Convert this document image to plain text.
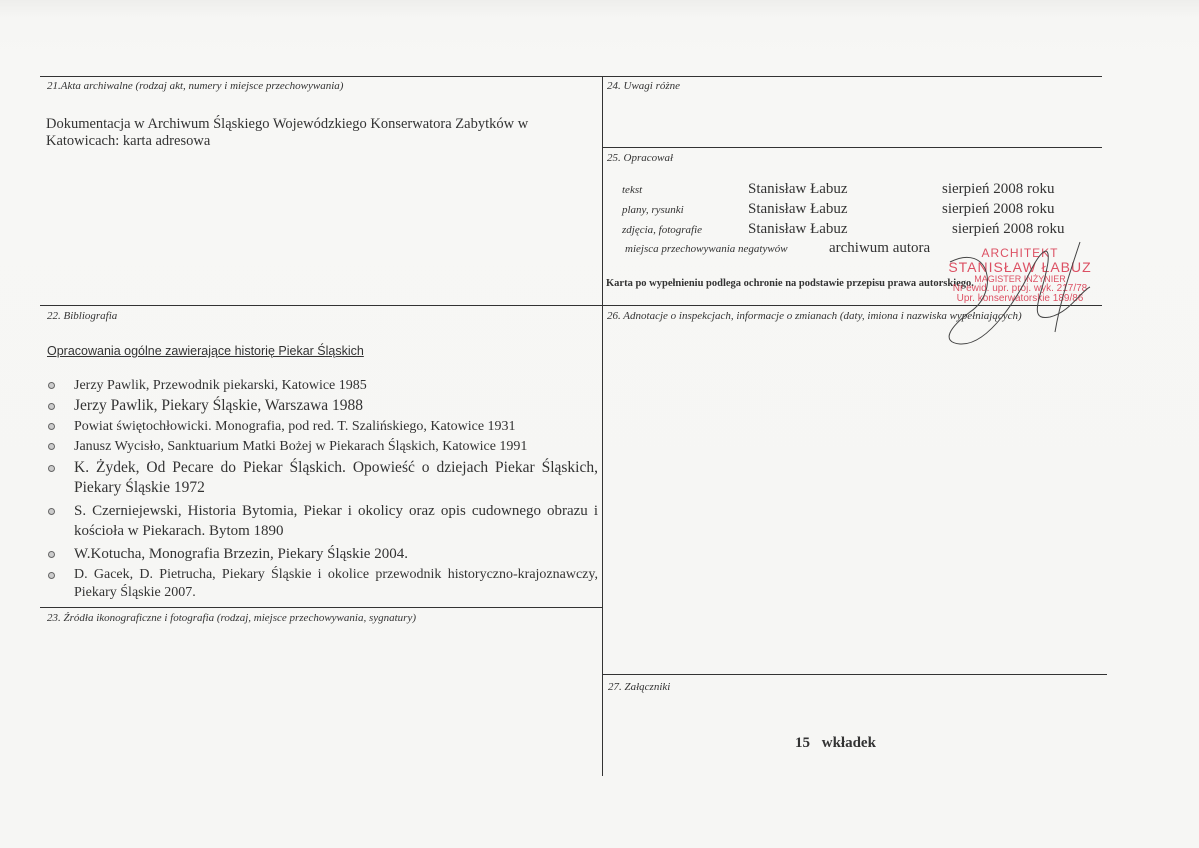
21.Akta archiwalne (rodzaj akt, numery i miejsce przechowywania)
Dokumentacja w Archiwum Śląskiego Wojewódzkiego Konserwatora Zabytków w Katowicach: karta adresowa
24. Uwagi różne
25. Opracował
tekst	Stanisław Łabuz	sierpień 2008 roku
plany, rysunki	Stanisław Łabuz	sierpień 2008 roku
zdjęcia, fotografie	Stanisław Łabuz	sierpień 2008 roku
miejsca przechowywania negatywów	archiwum autora
Karta po wypełnieniu podlega ochronie na podstawie przepisu prawa autorskiego.
ARCHITEKT
STANISŁAW ŁABUZ
MAGISTER INŻYNIER
Nr ewid. upr. proj. wyk. 217/78
Upr. konserwatorskie 189/86
22. Bibliografia
Opracowania ogólne zawierające historię Piekar Śląskich
Jerzy Pawlik, Przewodnik piekarski, Katowice 1985
Jerzy Pawlik, Piekary Śląskie, Warszawa 1988
Powiat świętochłowicki. Monografia, pod red. T. Szalińskiego, Katowice 1931
Janusz Wycisło, Sanktuarium Matki Bożej w Piekarach Śląskich, Katowice 1991
K. Żydek, Od Pecare do Piekar Śląskich. Opowieść o dziejach Piekar Śląskich, Piekary Śląskie 1972
S. Czerniejewski, Historia Bytomia, Piekar i okolicy oraz opis cudownego obrazu i kościoła w Piekarach. Bytom 1890
W.Kotucha, Monografia Brzezin, Piekary Śląskie 2004.
D. Gacek, D. Pietrucha, Piekary Śląskie i okolice przewodnik historyczno-krajoznawczy, Piekary Śląskie 2007.
23. Źródła ikonograficzne i fotografia (rodzaj, miejsce przechowywania, sygnatury)
26. Adnotacje o inspekcjach, informacje o zmianach (daty, imiona i nazwiska wypełniających)
27. Załączniki
15 wkładek
